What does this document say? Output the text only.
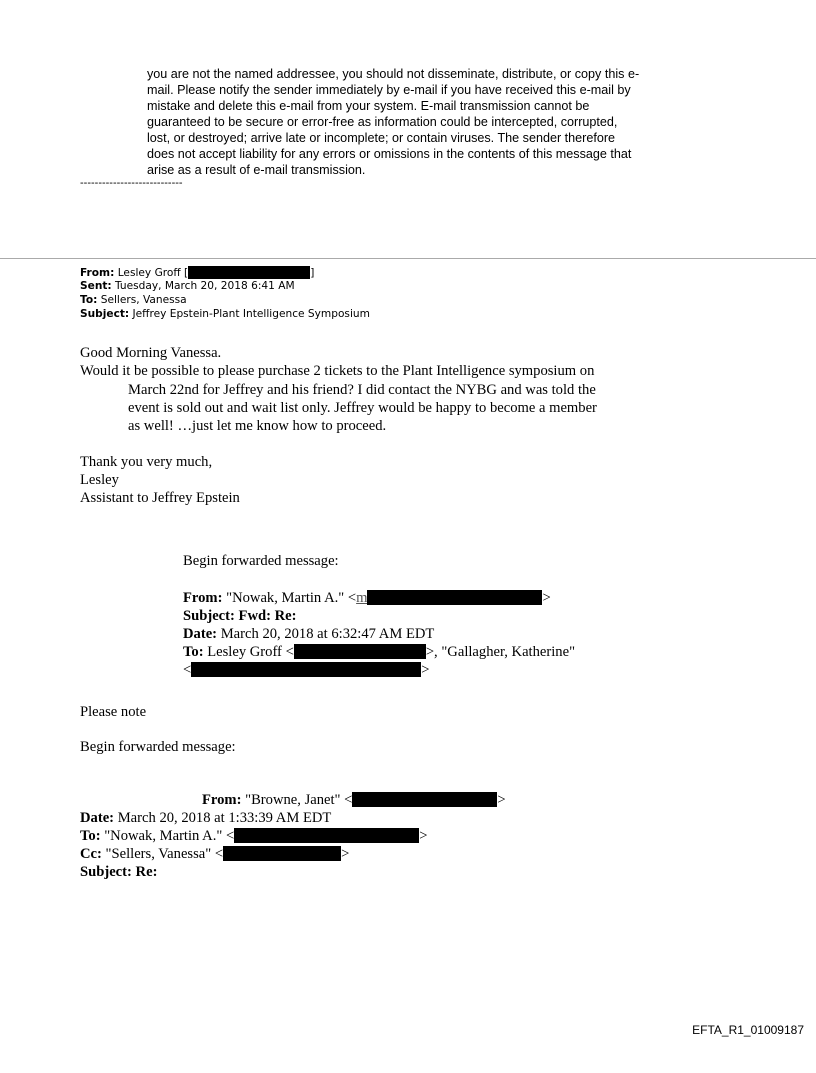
you are not the named addressee, you should not disseminate, distribute, or copy this e-
mail. Please notify the sender immediately by e-mail if you have received this e-mail by
mistake and delete this e-mail from your system. E-mail transmission cannot be
guaranteed to be secure or error-free as information could be intercepted, corrupted,
lost, or destroyed; arrive late or incomplete; or contain viruses. The sender therefore
does not accept liability for any errors or omissions in the contents of this message that
arise as a result of e-mail transmission.
----------------------------
From: Lesley Groff [	]
Sent: Tuesday, March 20, 2018 6:41 AM
To: Sellers, Vanessa
Subject: Jeffrey Epstein-Plant Intelligence Symposium
Good Morning Vanessa.
Would it be possible to please purchase 2 tickets to the Plant Intelligence symposium on
March 22nd for Jeffrey and his friend? I did contact the NYBG and was told the
event is sold out and wait list only. Jeffrey would be happy to become a member
as well! …just let me know how to proceed.
Thank you very much,
Lesley
Assistant to Jeffrey Epstein
Begin forwarded message:
From: "Nowak, Martin A." <m	>
Subject: Fwd: Re:
Date: March 20, 2018 at 6:32:47 AM EDT
To: Lesley Groff <	>, "Gallagher, Katherine"
<	>
Please note
Begin forwarded message:
From: "Browne, Janet" <	>
Date: March 20, 2018 at 1:33:39 AM EDT
To: "Nowak, Martin A." <	>
Cc: "Sellers, Vanessa" <	>
Subject: Re:
EFTA_R1_01009187
